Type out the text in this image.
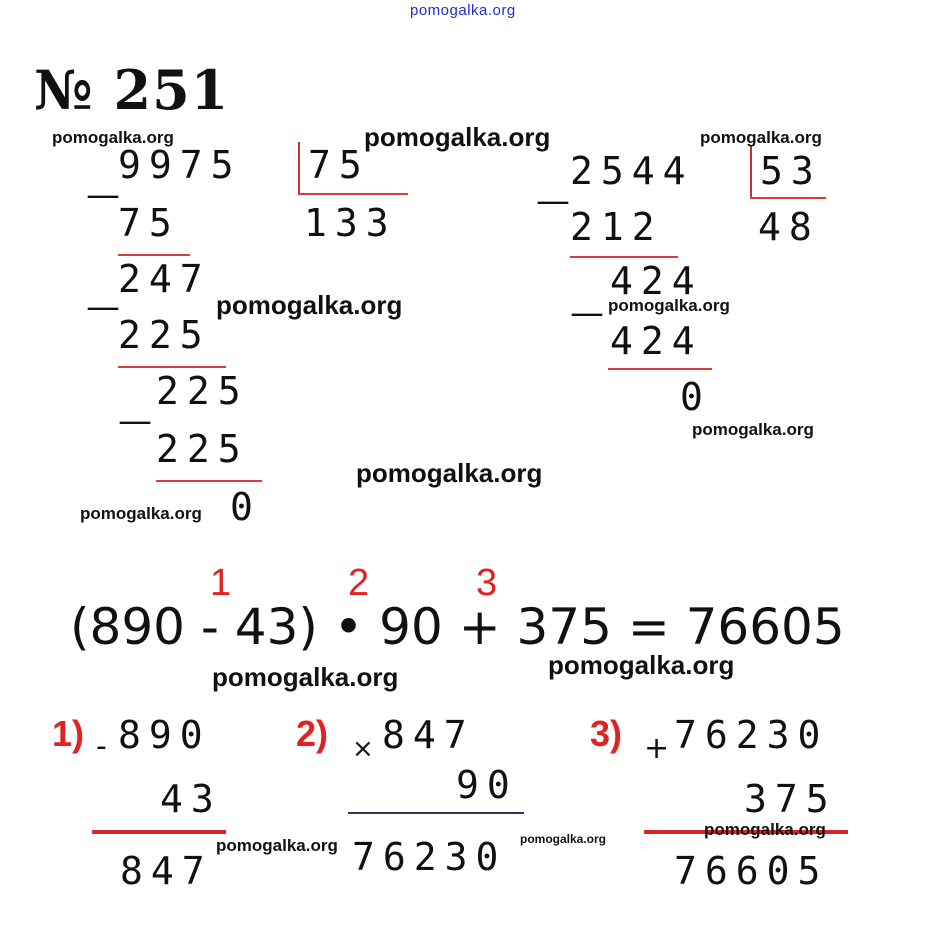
pomogalka.org
№ 251
9975
—
75
133
75
247
—
225
225
—
225
0
2544
—
53
48
212
424
—
424
0
1	2	3
(890 - 43) • 90 + 375 = 76605
1) - 890
43
847
2) × 847
90
76230
3) + 76230
375
76605
pomogalka.org	pomogalka.org	pomogalka.org
pomogalka.org	pomogalka.org
pomogalka.org
pomogalka.org
pomogalka.org
pomogalka.org	pomogalka.org
pomogalka.org	pomogalka.org	pomogalka.org
